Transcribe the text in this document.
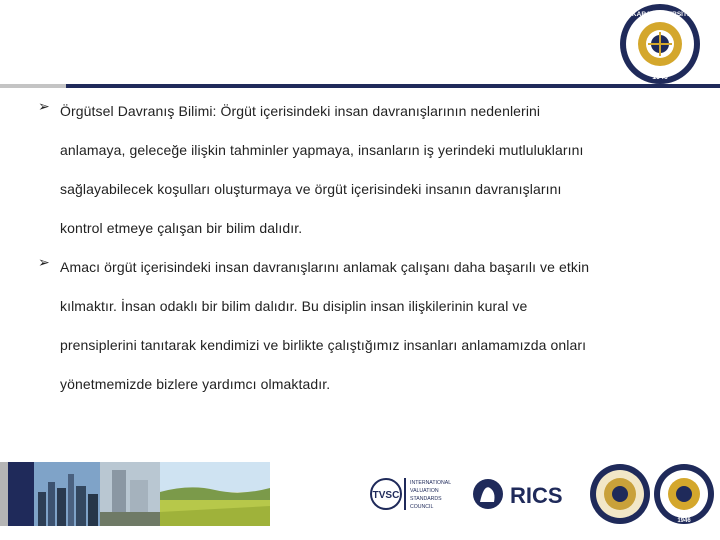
ANKARA ÜNİVERSİTESİ
1946
➢ Örgütsel Davranış Bilimi: Örgüt içerisindeki insan davranışlarının nedenlerini

anlamaya, geleceğe ilişkin tahminler yapmaya, insanların iş yerindeki mutluluklarını

sağlayabilecek koşulları oluşturmaya ve örgüt içerisindeki insanın davranışlarını

kontrol etmeye çalışan bir bilim dalıdır.

➢ Amacı örgüt içerisindeki insan davranışlarını anlamak çalışanı daha başarılı ve etkin

kılmaktır. İnsan odaklı bir bilim dalıdır. Bu disiplin insan ilişkilerinin kural ve

prensiplerini tanıtarak kendimizi ve birlikte çalıştığımız insanları anlamamızda onları

yönetmemizde bizlere yardımcı olmaktadır.

TVSC
INTERNATIONAL
VALUATION
STANDARDS
COUNCIL	RICS
1946
